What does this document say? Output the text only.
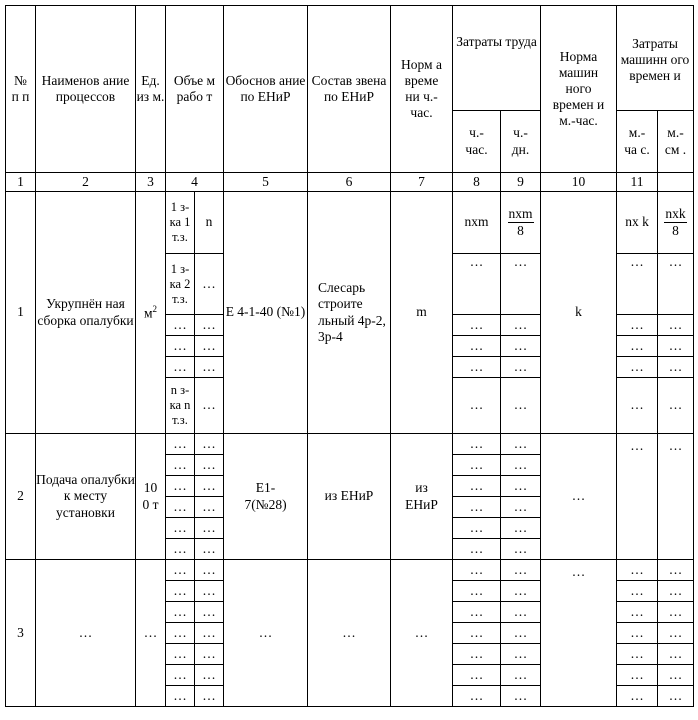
№ п п	Наименов ание процессов	Ед. из м.	Объе м рабо т		Обоснов ание по ЕНиР	Состав звена по ЕНиР	Норм а време ни ч.-час.	Затраты труда		Норма машин ного времен и м.-час.	Затраты машинн ого времен и	
								ч.-час.	ч.-дн.		м.-ча с.	м.-см .
1	2	3	4		5	6	7	8	9	10	11	
1	Укрупнён ная сборка опалубки	$м^2$	1 з-ка 1 т.з.	n	Е 4-1-40 (№1)	Слесарь строите льный 4р-2, 3р-4	m	nxm	$\frac{\text{nxm}}{8}$	k	nx k	$\frac{\text{nxk}}{8}$

			1 з-ка 2 т.з.	…				…	…		…	…
			…	…				…	…		…	…
			…	…				…	…		…	…
			…	…				…	…		…	…
			n з-ка n т.з.	…				…	…		…	…
2	Подача опалубки к месту установки	10 0 т	…	…	Е1- 7(№28)	из ЕНиР	из ЕНиР	…	…	…	…	…
			…	…				…	…			
			…	…				…	…			
			…	…				…	…			
			…	…				…	…			
			…	…				…	…			
3	…	…	…	…	…	…	…	…	…	…	…	…
			…	…				…	…		…	…
			…	…				…	…		…	…
			…	…				…	…		…	…
			…	…				…	…		…	…
			…	…				…	…		…	…
			…	…				…	…		…	…
